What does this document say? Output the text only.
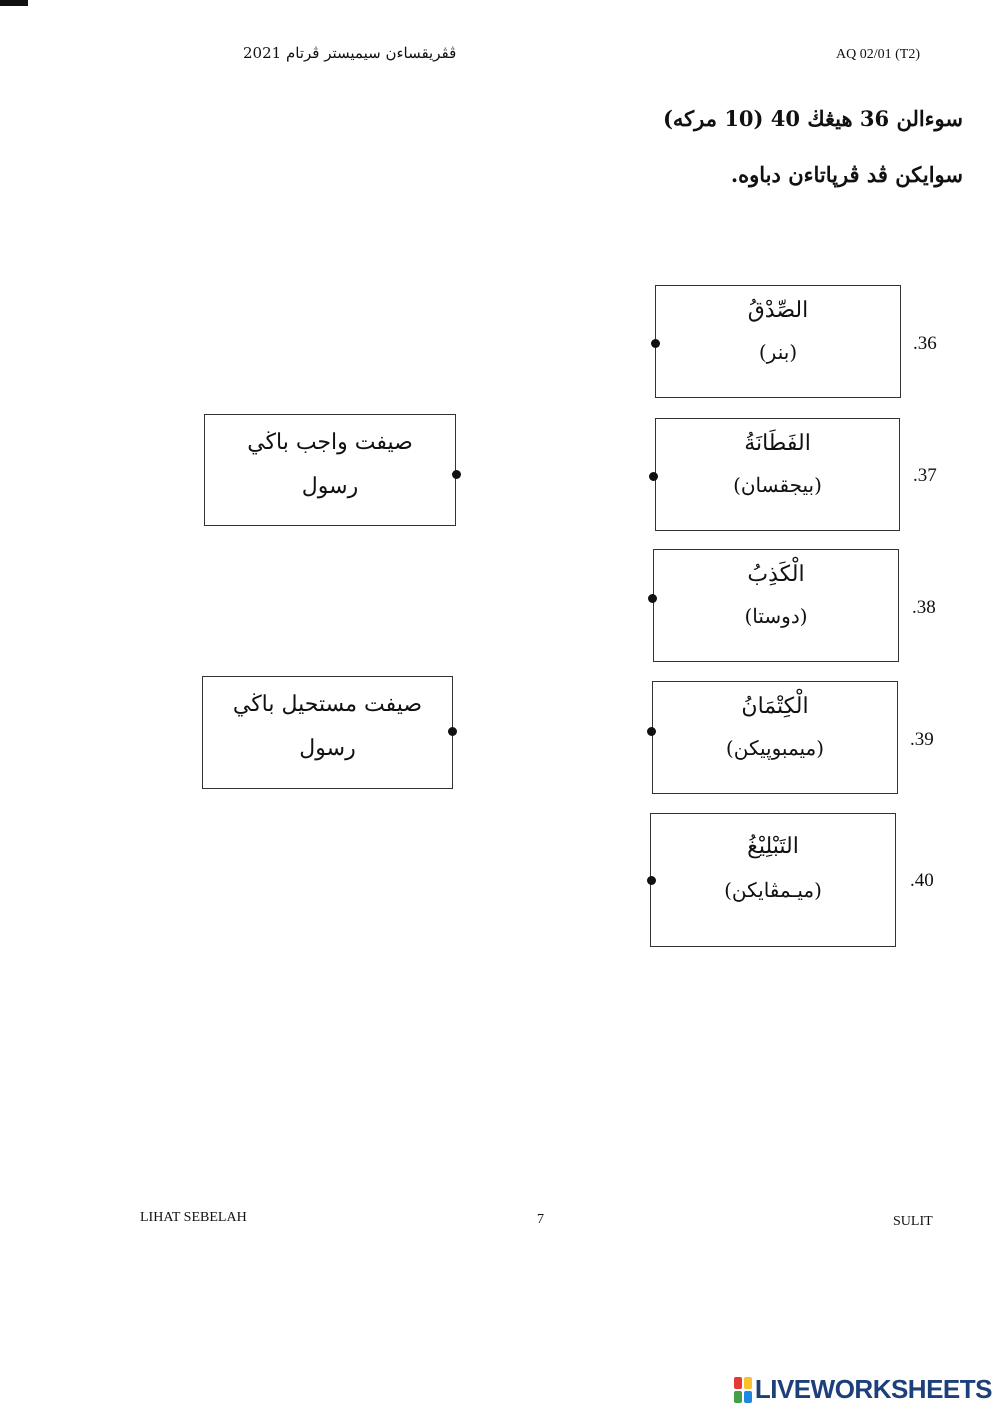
ڤڤريقساءن سيميستر ڤرتام 2021	AQ 02/01 (T2)
سوءالن 36 هيڠڬ 40 (10 مركه)
سوايكن ڤد ڤرڽاتاءن دباوه.
الصِّدْقُ
(بنر)	.36
الفَطَانَةُ
(بيجقسان)	.37
الْكَذِبُ
(دوستا)	.38
الْكِتْمَانُ
(ميمبوپيکن)	.39
التَبْلِيْغُ
(ميـمڤايکن)	.40
صيفت واجب باڬي
رسول
صيفت مستحيل باڬي
رسول
LIHAT SEBELAH	7	SULIT
LIVEWORKSHEETS
